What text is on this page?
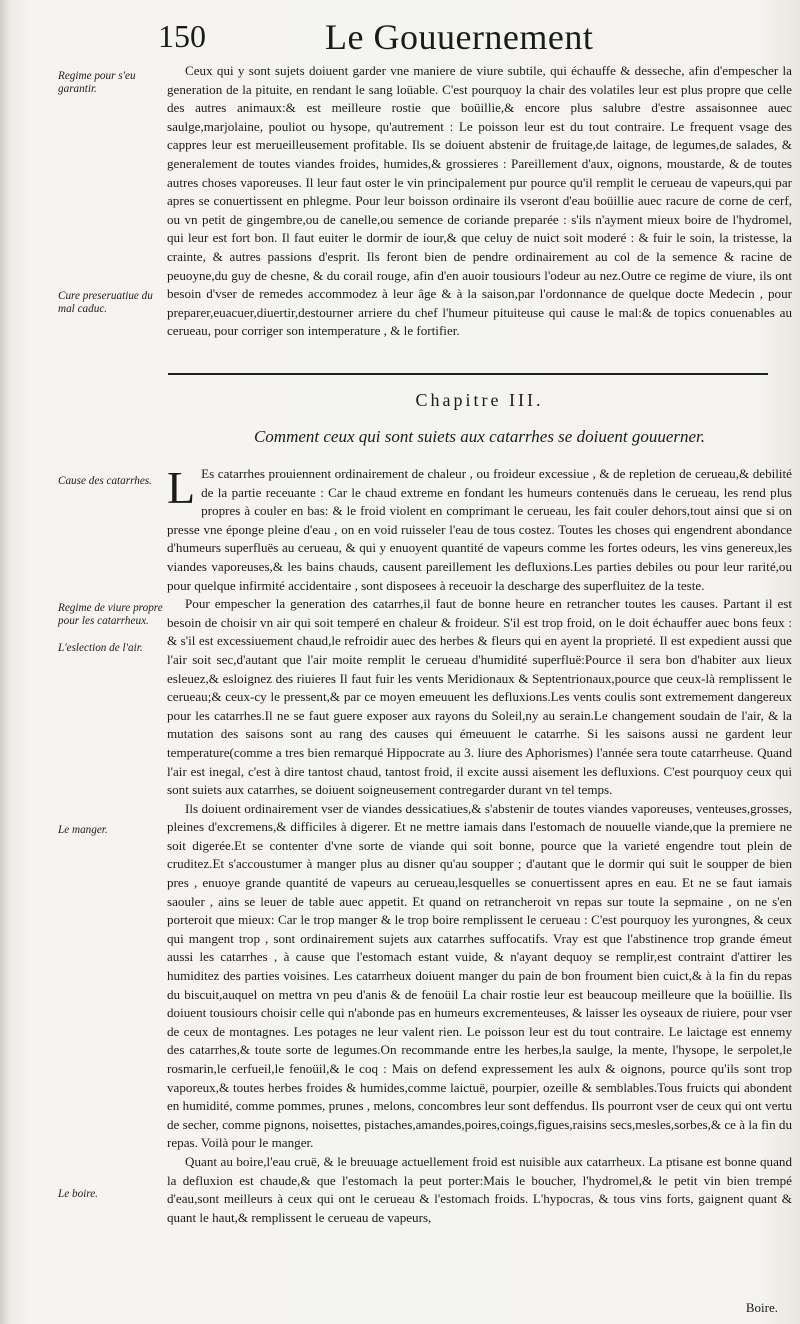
150	Le Gouuernement
Regime pour s'eu garantir.
Cure preseruatiue du mal caduc.
Cause des catarrhes.
Regime de viure propre pour les catarrheux.
L'eslection de l'air.
Le manger.
Le boire.

Ceux qui y sont sujets doiuent garder vne maniere de viure subtile, qui échauffe & desseche, afin d'empescher la generation de la pituite, en rendant le sang loüable. C'est pourquoy la chair des volatiles leur est plus propre que celle des autres animaux:& est meilleure rostie que boüillie,& encore plus salubre d'estre assaisonnee auec saulge,marjolaine, pouliot ou hysope, qu'autrement : Le poisson leur est du tout contraire. Le frequent vsage des cappres leur est merueilleusement profitable. Ils se doiuent abstenir de fruitage,de laitage, de legumes,de salades, & generalement de toutes viandes froides, humides,& grossieres : Pareillement d'aux, oignons, moustarde, & de toutes autres choses vaporeuses. Il leur faut oster le vin principalement pur pource qu'il remplit le cerueau de vapeurs,qui par apres se conuertissent en phlegme. Pour leur boisson ordinaire ils vseront d'eau boüillie auec racure de corne de cerf, ou vn petit de gingembre,ou de canelle,ou semence de coriande preparée : s'ils n'ayment mieux boire de l'hydromel, qui leur est fort bon. Il faut euiter le dormir de iour,& que celuy de nuict soit moderé : & fuir le soin, la tristesse, la crainte, & autres passions d'esprit. Ils feront bien de pendre ordinairement au col de la semence & racine de peuoyne,du guy de chesne, & du corail rouge, afin d'en auoir tousiours l'odeur au nez.Outre ce regime de viure, ils ont besoin d'vser de remedes accommodez à leur âge & à la saison,par l'ordonnance de quelque docte Medecin , pour preparer,euacuer,diuertir,destourner arriere du chef l'humeur pituiteuse qui cause le mal:& de topics conuenables au cerueau, pour corriger son intemperature , & le fortifier.

Chapitre III.
Comment ceux qui sont suiets aux catarrhes se doiuent gouuerner.

L Es catarrhes prouiennent ordinairement de chaleur , ou froideur excessiue , & de repletion de cerueau,& debilité de la partie receuante : Car le chaud extreme en fondant les humeurs contenuës dans le cerueau, les rend plus propres à couler en bas: & le froid violent en comprimant le cerueau, les fait couler dehors,tout ainsi que si on presse vne éponge pleine d'eau , on en void ruisseler l'eau de tous costez. Toutes les choses qui engendrent abondance d'humeurs superfluës au cerueau, & qui y enuoyent quantité de vapeurs comme les fortes odeurs, les vins genereux,les viandes vaporeuses,& les bains chauds, causent pareillement les defluxions.Les parties debiles ou pour leur rarité,ou pour quelque infirmité accidentaire , sont disposees à receuoir la descharge des superfluitez de la teste.

Pour empescher la generation des catarrhes,il faut de bonne heure en retrancher toutes les causes. Partant il est besoin de choisir vn air qui soit temperé en chaleur & froideur. S'il est trop froid, on le doit échauffer auec bons feux : & s'il est excessiuement chaud,le refroidir auec des herbes & fleurs qui en ayent la proprieté. Il est expedient aussi que l'air soit sec,d'autant que l'air moite remplit le cerueau d'humidité superfluë:Pource il sera bon d'habiter aux lieux esleuez,& esloignez des riuieres Il faut fuir les vents Meridionaux & Septentrionaux,pource que ceux-là remplissent le cerueau;& ceux-cy le pressent,& par ce moyen emeuuent les defluxions.Les vents coulis sont extremement dangereux pour les catarrhes.Il ne se faut guere exposer aux rayons du Soleil,ny au serain.Le changement soudain de l'air, & la mutation des saisons sont au rang des causes qui émeuuent le catarrhe. Si les saisons aussi ne gardent leur temperature(comme a tres bien remarqué Hippocrate au 3. liure des Aphorismes) l'année sera toute catarrheuse. Quand l'air est inegal, c'est à dire tantost chaud, tantost froid, il excite aussi aisement les defluxions. C'est pourquoy ceux qui sont suiets aux catarrhes, se doiuent soigneusement contregarder durant vn tel temps.

Ils doiuent ordinairement vser de viandes dessicatiues,& s'abstenir de toutes viandes vaporeuses, venteuses,grosses, pleines d'excremens,& difficiles à digerer. Et ne mettre iamais dans l'estomach de nouuelle viande,que la premiere ne soit digerée.Et se contenter d'vne sorte de viande qui soit bonne, pource que la varieté engendre tout plein de cruditez.Et s'accoustumer à manger plus au disner qu'au soupper ; d'autant que le dormir qui suit le soupper de bien pres , enuoye grande quantité de vapeurs au cerueau,lesquelles se conuertissent apres en eau. Et ne se faut iamais saouler , ains se leuer de table auec appetit. Et quand on retrancheroit vn repas sur toute la sepmaine , on ne s'en porteroit que mieux: Car le trop manger & le trop boire remplissent le cerueau : C'est pourquoy les yurongnes, & ceux qui mangent trop , sont ordinairement sujets aux catarrhes suffocatifs. Vray est que l'abstinence trop grande émeut aussi les catarrhes , à cause que l'estomach estant vuide, & n'ayant dequoy se remplir,est contraint d'attirer les humiditez des parties voisines. Les catarrheux doiuent manger du pain de bon froument bien cuict,& à la fin du repas du biscuit,auquel on mettra vn peu d'anis & de fenoüil La chair rostie leur est beaucoup meilleure que la boüillie. Ils doiuent tousiours choisir celle qui n'abonde pas en humeurs excrementeuses, & laisser les oyseaux de riuiere, pour vser de ceux de montagnes. Les potages ne leur valent rien. Le poisson leur est du tout contraire. Le laictage est ennemy des catarrhes,& toute sorte de legumes.On recommande entre les herbes,la saulge, la mente, l'hysope, le serpolet,le rosmarin,le cerfueil,le fenoüil,& le coq : Mais on defend expressement les aulx & oignons, pource qu'ils sont trop vaporeux,& toutes herbes froides & humides,comme laictuë, pourpier, ozeille & semblables.Tous fruicts qui abondent en humidité, comme pommes, prunes , melons, concombres leur sont deffendus. Ils pourront vser de ceux qui ont vertu de secher, comme pignons, noisettes, pistaches,amandes,poires,coings,figues,raisins secs,mesles,sorbes,& ce à la fin du repas. Voilà pour le manger.

Quant au boire,l'eau cruë, & le breuuage actuellement froid est nuisible aux catarrheux. La ptisane est bonne quand la defluxion est chaude,& que l'estomach la peut porter:Mais le boucher, l'hydromel,& le petit vin bien trempé d'eau,sont meilleurs à ceux qui ont le cerueau & l'estomach froids. L'hypocras, & tous vins forts, gaignent quant & quant le haut,& remplissent le cerueau de vapeurs,

Boire.
